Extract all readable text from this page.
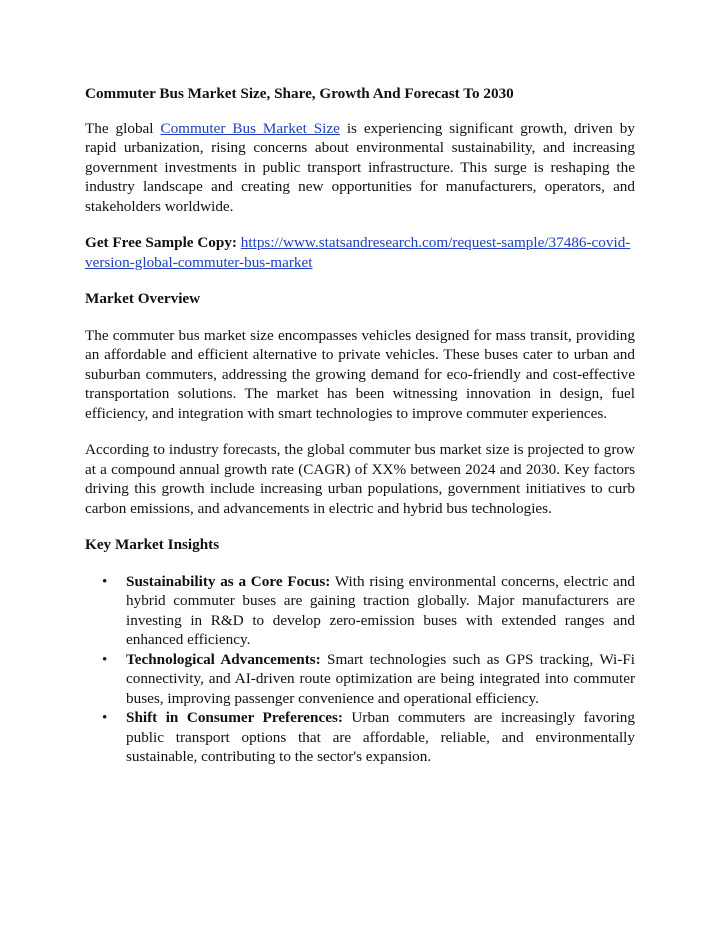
Commuter Bus Market Size, Share, Growth And Forecast To 2030

The global Commuter Bus Market Size is experiencing significant growth, driven by rapid urbanization, rising concerns about environmental sustainability, and increasing government investments in public transport infrastructure. This surge is reshaping the industry landscape and creating new opportunities for manufacturers, operators, and stakeholders worldwide.

Get Free Sample Copy: https://www.statsandresearch.com/request-sample/37486-covid-version-global-commuter-bus-market

Market Overview

The commuter bus market size encompasses vehicles designed for mass transit, providing an affordable and efficient alternative to private vehicles. These buses cater to urban and suburban commuters, addressing the growing demand for eco-friendly and cost-effective transportation solutions. The market has been witnessing innovation in design, fuel efficiency, and integration with smart technologies to improve commuter experiences.

According to industry forecasts, the global commuter bus market size is projected to grow at a compound annual growth rate (CAGR) of XX% between 2024 and 2030. Key factors driving this growth include increasing urban populations, government initiatives to curb carbon emissions, and advancements in electric and hybrid bus technologies.

Key Market Insights
• Sustainability as a Core Focus: With rising environmental concerns, electric and hybrid commuter buses are gaining traction globally. Major manufacturers are investing in R&D to develop zero-emission buses with extended ranges and enhanced efficiency.
• Technological Advancements: Smart technologies such as GPS tracking, Wi-Fi connectivity, and AI-driven route optimization are being integrated into commuter buses, improving passenger convenience and operational efficiency.
• Shift in Consumer Preferences: Urban commuters are increasingly favoring public transport options that are affordable, reliable, and environmentally sustainable, contributing to the sector's expansion.
